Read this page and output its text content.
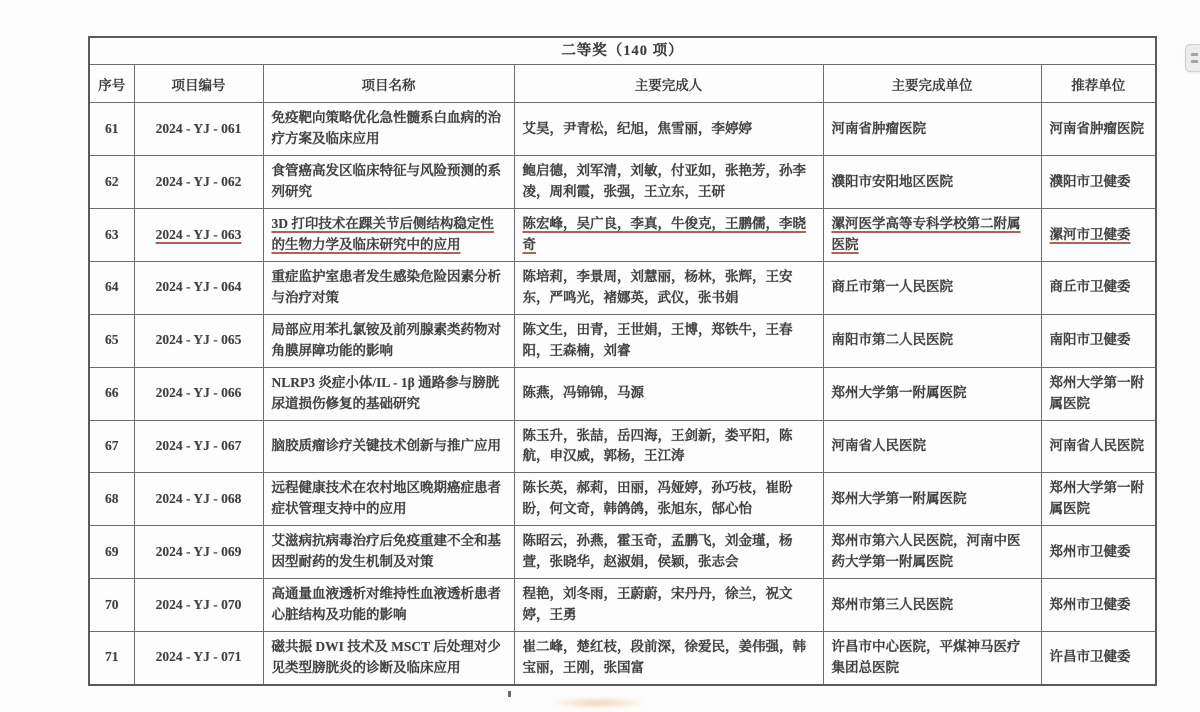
二等奖（140 项）					
序号	项目编号	项目名称	主要完成人	主要完成单位	推荐单位
61	2024 - YJ - 061	免疫靶向策略优化急性髓系白血病的治疗方案及临床应用	艾昊，尹青松，纪旭，焦雪丽，李婷婷	河南省肿瘤医院	河南省肿瘤医院
62	2024 - YJ - 062	食管癌高发区临床特征与风险预测的系列研究	鲍启德，刘军清，刘敏，付亚如，张艳芳，孙李凌，周利霞，张强，王立东，王研	濮阳市安阳地区医院	濮阳市卫健委
63	2024 - YJ - 063	3D 打印技术在踝关节后侧结构稳定性的生物力学及临床研究中的应用	陈宏峰，吴广良，李真，牛俊克，王鹏儒，李晓奇	漯河医学高等专科学校第二附属医院	漯河市卫健委
64	2024 - YJ - 064	重症监护室患者发生感染危险因素分析与治疗对策	陈培莉，李景周，刘慧丽，杨林，张辉，王安东，严鸣光，褚娜英，武仪，张书娟	商丘市第一人民医院	商丘市卫健委
65	2024 - YJ - 065	局部应用苯扎氯铵及前列腺素类药物对角膜屏障功能的影响	陈文生，田青，王世娟，王博，郑铁牛，王春阳，王森楠，刘睿	南阳市第二人民医院	南阳市卫健委
66	2024 - YJ - 066	NLRP3 炎症小体/IL - 1β 通路参与膀胱尿道损伤修复的基础研究	陈燕，冯锦锦，马源	郑州大学第一附属医院	郑州大学第一附属医院
67	2024 - YJ - 067	脑胶质瘤诊疗关键技术创新与推广应用	陈玉升，张喆，岳四海，王剑新，娄平阳，陈航，申汉威，郭杨，王江涛	河南省人民医院	河南省人民医院
68	2024 - YJ - 068	远程健康技术在农村地区晚期癌症患者症状管理支持中的应用	陈长英，郝莉，田丽，冯娅婷，孙巧枝，崔盼盼，何文奇，韩鸽鸽，张旭东，郜心怡	郑州大学第一附属医院	郑州大学第一附属医院
69	2024 - YJ - 069	艾滋病抗病毒治疗后免疫重建不全和基因型耐药的发生机制及对策	陈昭云，孙燕，霍玉奇，孟鹏飞，刘金瑾，杨萱，张晓华，赵淑娟，侯颖，张志会	郑州市第六人民医院，河南中医药大学第一附属医院	郑州市卫健委
70	2024 - YJ - 070	高通量血液透析对维持性血液透析患者心脏结构及功能的影响	程艳，刘冬雨，王蔚蔚，宋丹丹，徐兰，祝文婷，王勇	郑州市第三人民医院	郑州市卫健委
71	2024 - YJ - 071	磁共振 DWI 技术及 MSCT 后处理对少见类型膀胱炎的诊断及临床应用	崔二峰，楚红枝，段前深，徐爱民，姜伟强，韩宝丽，王刚，张国富	许昌市中心医院，平煤神马医疗集团总医院	许昌市卫健委
